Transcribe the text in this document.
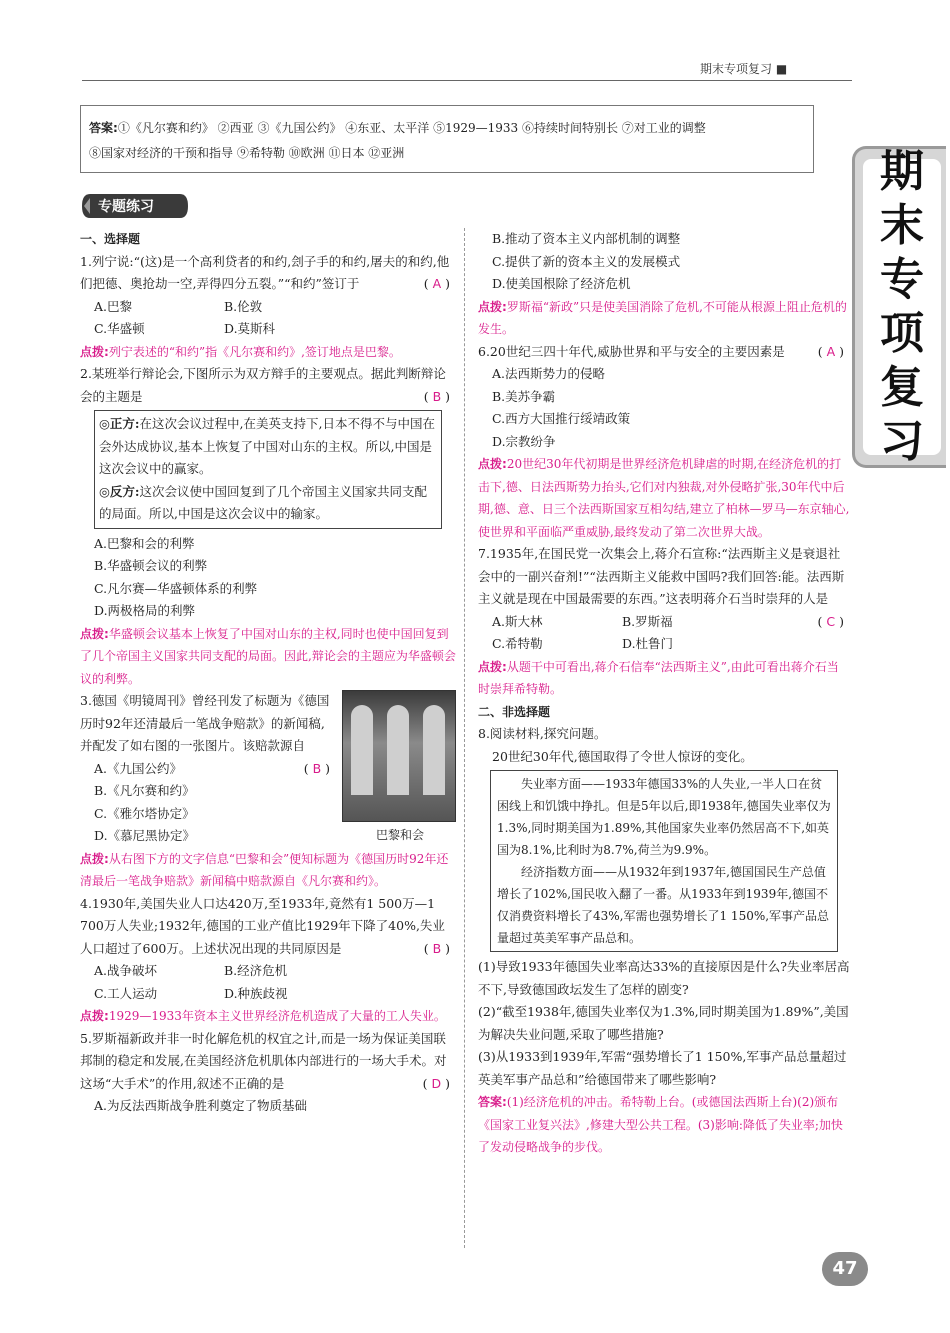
期末专项复习 ■
期
末
专
项
复
习
答案:①《凡尔赛和约》 ②西亚 ③《九国公约》 ④东亚、太平洋 ⑤1929—1933 ⑥持续时间特别长 ⑦对工业的调整
⑧国家对经济的干预和指导 ⑨希特勒 ⑩欧洲 ⑪日本 ⑫亚洲
专题练习
一、选择题
1.列宁说:“(这)是一个高利贷者的和约,刽子手的和约,屠夫的和约,他们把德、奥抢劫一空,弄得四分五裂。”“和约”签订于	( A )
A.巴黎	B.伦敦
C.华盛顿	D.莫斯科
点拨:列宁表述的“和约”指《凡尔赛和约》,签订地点是巴黎。
2.某班举行辩论会,下图所示为双方辩手的主要观点。据此判断辩论会的主题是	( B )
◎正方:在这次会议过程中,在美英支持下,日本不得不与中国在会外达成协议,基本上恢复了中国对山东的主权。所以,中国是这次会议中的赢家。
◎反方:这次会议使中国回复到了几个帝国主义国家共同支配的局面。所以,中国是这次会议中的输家。
A.巴黎和会的利弊
B.华盛顿会议的利弊
C.凡尔赛—华盛顿体系的利弊
D.两极格局的利弊
点拨:华盛顿会议基本上恢复了中国对山东的主权,同时也使中国回复到了几个帝国主义国家共同支配的局面。因此,辩论会的主题应为华盛顿会议的利弊。
3.德国《明镜周刊》曾经刊发了标题为《德国历时92年还清最后一笔战争赔款》的新闻稿,并配发了如右图的一张图片。该赔款源自
( B )
A.《九国公约》
B.《凡尔赛和约》
C.《雅尔塔协定》
巴黎和会
D.《慕尼黑协定》
点拨:从右图下方的文字信息“巴黎和会”便知标题为《德国历时92年还清最后一笔战争赔款》新闻稿中赔款源自《凡尔赛和约》。
4.1930年,美国失业人口达420万,至1933年,竟然有1 500万—1 700万人失业;1932年,德国的工业产值比1929年下降了40%,失业人口超过了600万。上述状况出现的共同原因是	( B )
A.战争破坏	B.经济危机
C.工人运动	D.种族歧视
点拨:1929—1933年资本主义世界经济危机造成了大量的工人失业。
5.罗斯福新政并非一时化解危机的权宜之计,而是一场为保证美国联邦制的稳定和发展,在美国经济危机肌体内部进行的一场大手术。对这场“大手术”的作用,叙述不正确的是	( D )
A.为反法西斯战争胜利奠定了物质基础
B.推动了资本主义内部机制的调整
C.提供了新的资本主义的发展模式
D.使美国根除了经济危机
点拨:罗斯福“新政”只是使美国消除了危机,不可能从根源上阻止危机的发生。
6.20世纪三四十年代,威胁世界和平与安全的主要因素是	( A )
A.法西斯势力的侵略
B.美苏争霸
C.西方大国推行绥靖政策
D.宗教纷争
点拨:20世纪30年代初期是世界经济危机肆虐的时期,在经济危机的打击下,德、日法西斯势力抬头,它们对内独裁,对外侵略扩张,30年代中后期,德、意、日三个法西斯国家互相勾结,建立了柏林—罗马—东京轴心,使世界和平面临严重威胁,最终发动了第二次世界大战。
7.1935年,在国民党一次集会上,蒋介石宣称:“法西斯主义是衰退社会中的一副兴奋剂!”“法西斯主义能救中国吗?我们回答:能。法西斯主义就是现在中国最需要的东西。”这表明蒋介石当时崇拜的人是
( C )
A.斯大林	B.罗斯福
C.希特勒	D.杜鲁门
点拨:从题干中可看出,蒋介石信奉“法西斯主义”,由此可看出蒋介石当时崇拜希特勒。
二、非选择题
8.阅读材料,探究问题。
20世纪30年代,德国取得了令世人惊讶的变化。

失业率方面——1933年德国33%的人失业,一半人口在贫困线上和饥饿中挣扎。但是5年以后,即1938年,德国失业率仅为1.3%,同时期美国为1.89%,其他国家失业率仍然居高不下,如英国为8.1%,比利时为8.7%,荷兰为9.9%。

经济指数方面——从1932年到1937年,德国国民生产总值增长了102%,国民收入翻了一番。从1933年到1939年,德国不仅消费资料增长了43%,军需也强势增长了1 150%,军事产品总量超过英美军事产品总和。

(1)导致1933年德国失业率高达33%的直接原因是什么?失业率居高不下,导致德国政坛发生了怎样的剧变?
(2)“截至1938年,德国失业率仅为1.3%,同时期美国为1.89%”,美国为解决失业问题,采取了哪些措施?
(3)从1933到1939年,军需“强势增长了1 150%,军事产品总量超过英美军事产品总和”给德国带来了哪些影响?
答案:(1)经济危机的冲击。希特勒上台。(或德国法西斯上台)(2)颁布《国家工业复兴法》,修建大型公共工程。(3)影响:降低了失业率;加快了发动侵略战争的步伐。
47
